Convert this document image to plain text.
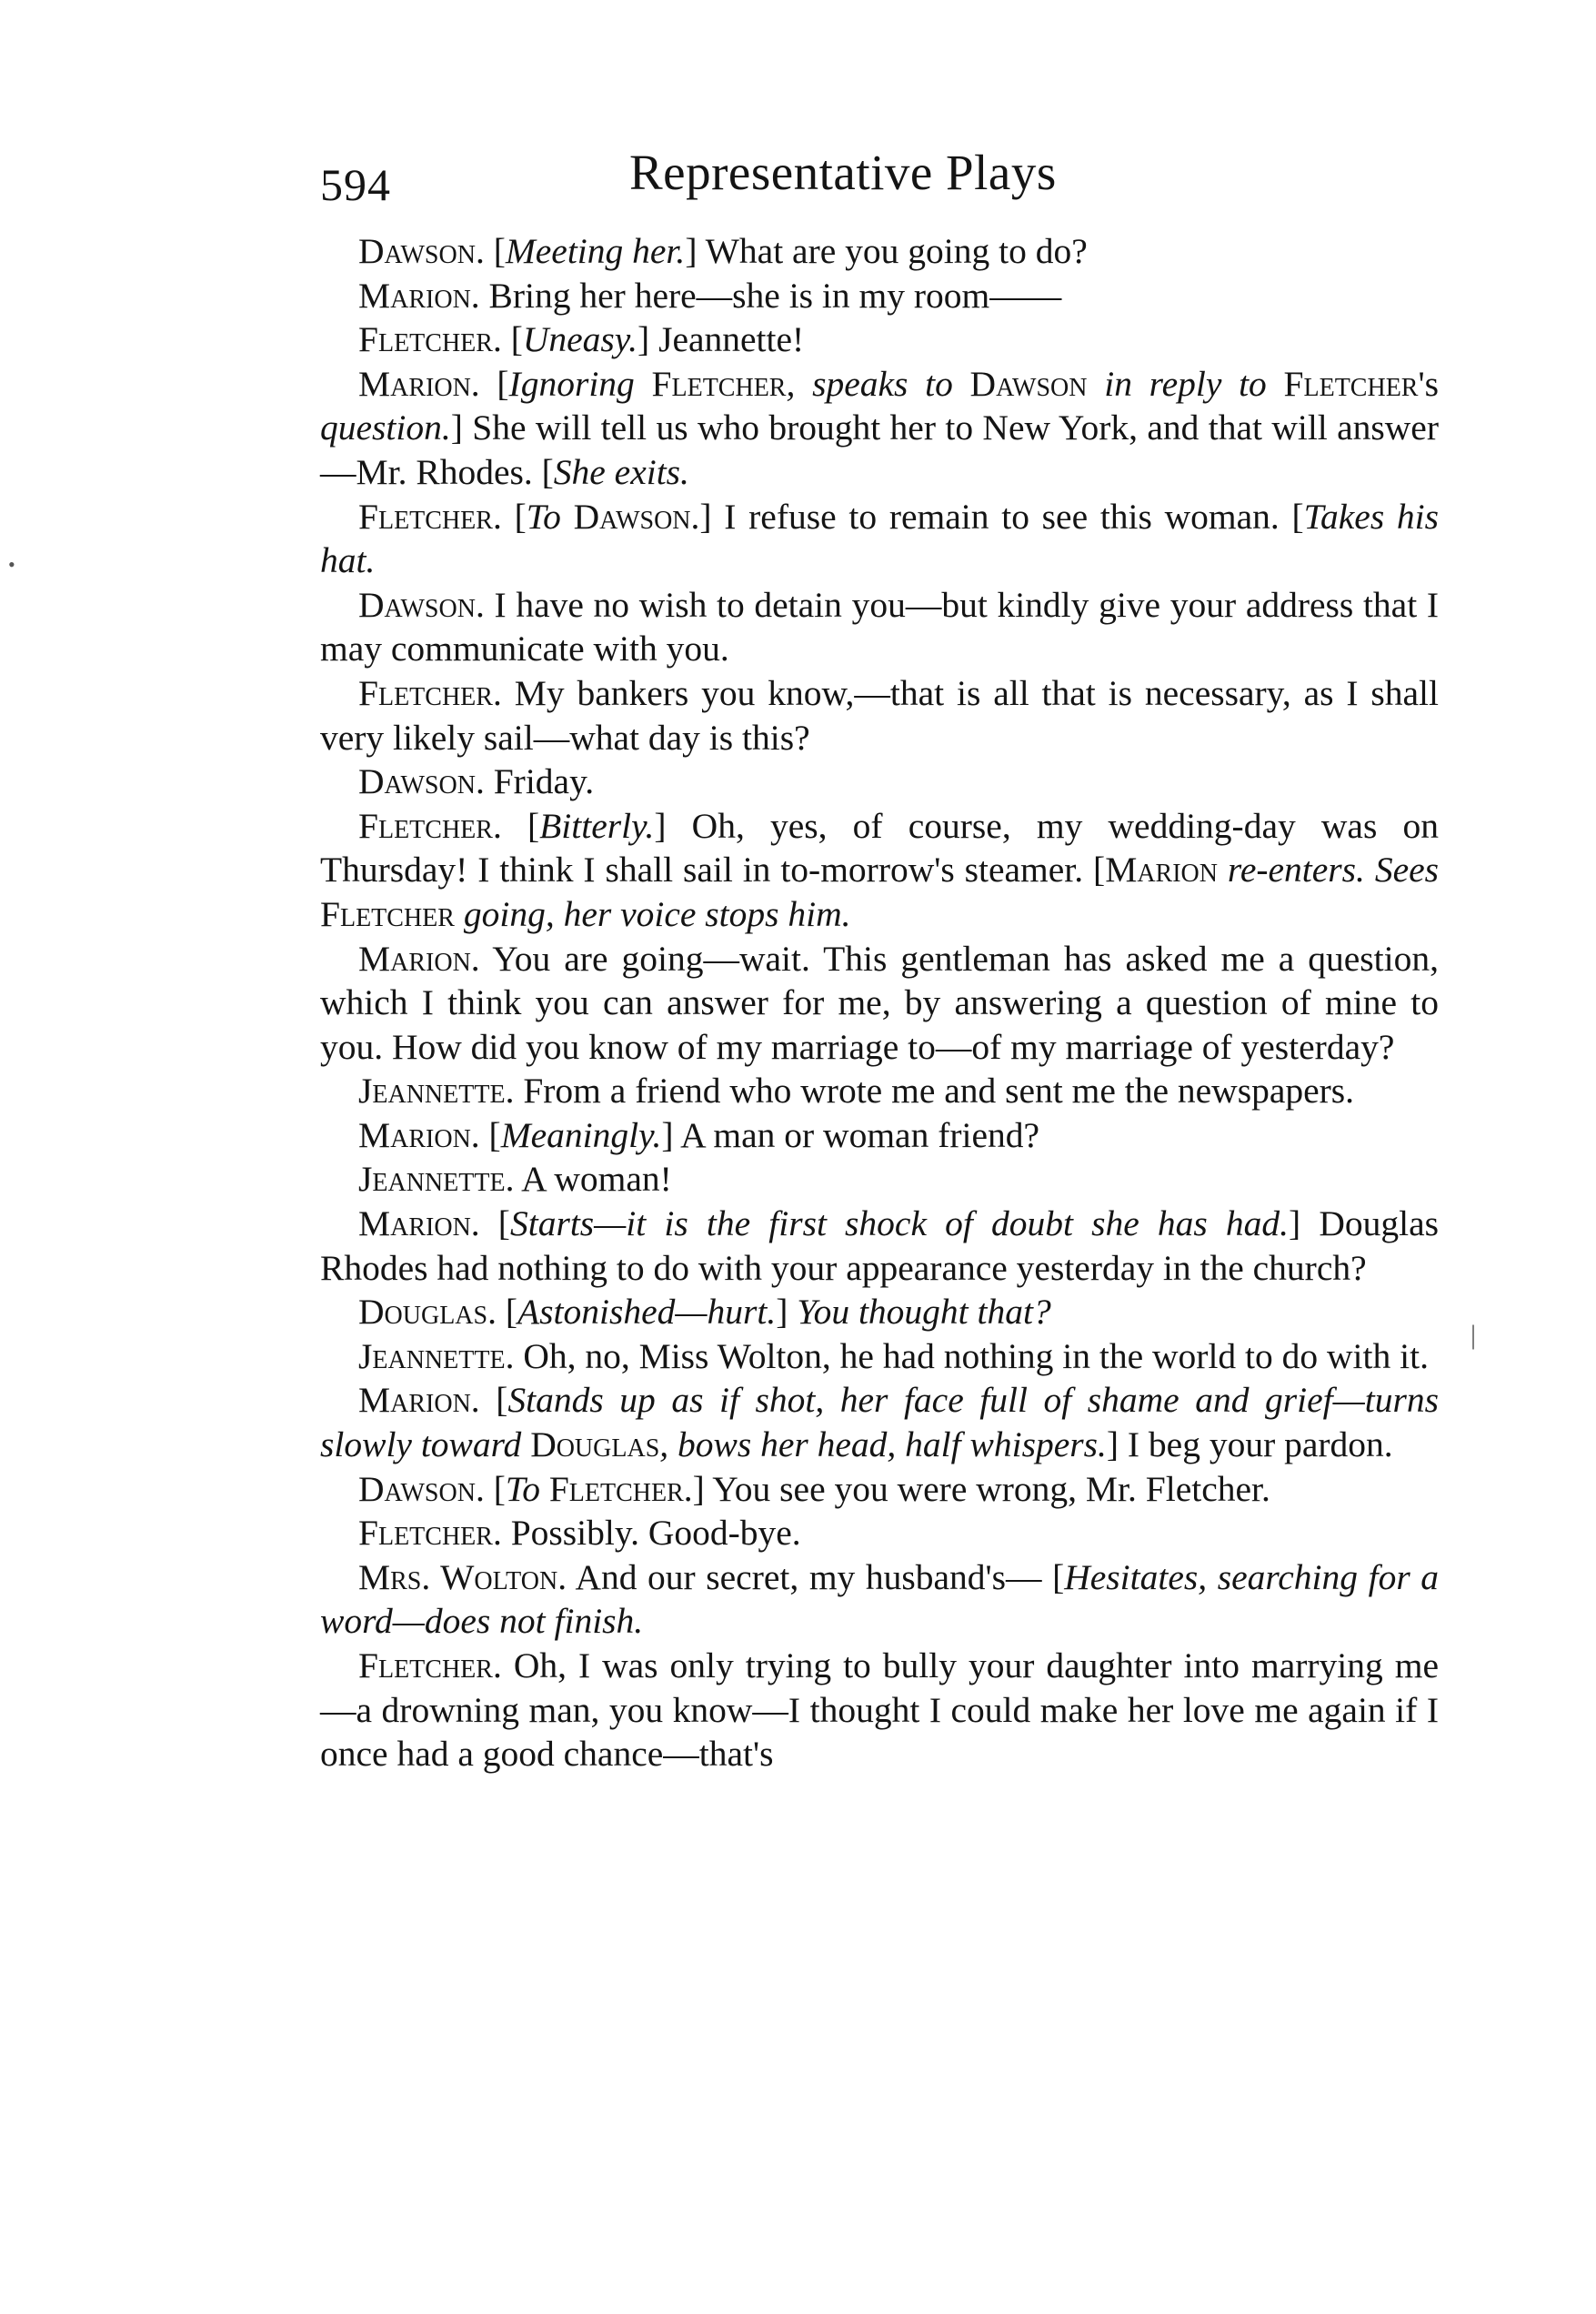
594	Representative Plays

Dawson. [Meeting her.] What are you going to do?

Marion. Bring her here—she is in my room——

Fletcher. [Uneasy.] Jeannette!

Marion. [Ignoring Fletcher, speaks to Dawson in reply to Fletcher's question.] She will tell us who brought her to New York, and that will answer—Mr. Rhodes. [She exits.

Fletcher. [To Dawson.] I refuse to remain to see this woman. [Takes his hat.

Dawson. I have no wish to detain you—but kindly give your address that I may communicate with you.

Fletcher. My bankers you know,—that is all that is necessary, as I shall very likely sail—what day is this?

Dawson. Friday.

Fletcher. [Bitterly.] Oh, yes, of course, my wedding-day was on Thursday! I think I shall sail in to-morrow's steamer. [Marion re-enters. Sees Fletcher going, her voice stops him.

Marion. You are going—wait. This gentleman has asked me a question, which I think you can answer for me, by answering a question of mine to you. How did you know of my marriage to—of my marriage of yesterday?

Jeannette. From a friend who wrote me and sent me the newspapers.

Marion. [Meaningly.] A man or woman friend?

Jeannette. A woman!

Marion. [Starts—it is the first shock of doubt she has had.] Douglas Rhodes had nothing to do with your appearance yesterday in the church?

Douglas. [Astonished—hurt.] You thought that?

Jeannette. Oh, no, Miss Wolton, he had nothing in the world to do with it.

Marion. [Stands up as if shot, her face full of shame and grief—turns slowly toward Douglas, bows her head, half whispers.] I beg your pardon.

Dawson. [To Fletcher.] You see you were wrong, Mr. Fletcher.

Fletcher. Possibly. Good-bye.

Mrs. Wolton. And our secret, my husband's— [Hesitates, searching for a word—does not finish.

Fletcher. Oh, I was only trying to bully your daughter into marrying me—a drowning man, you know—I thought I could make her love me again if I once had a good chance—that's

•
|
